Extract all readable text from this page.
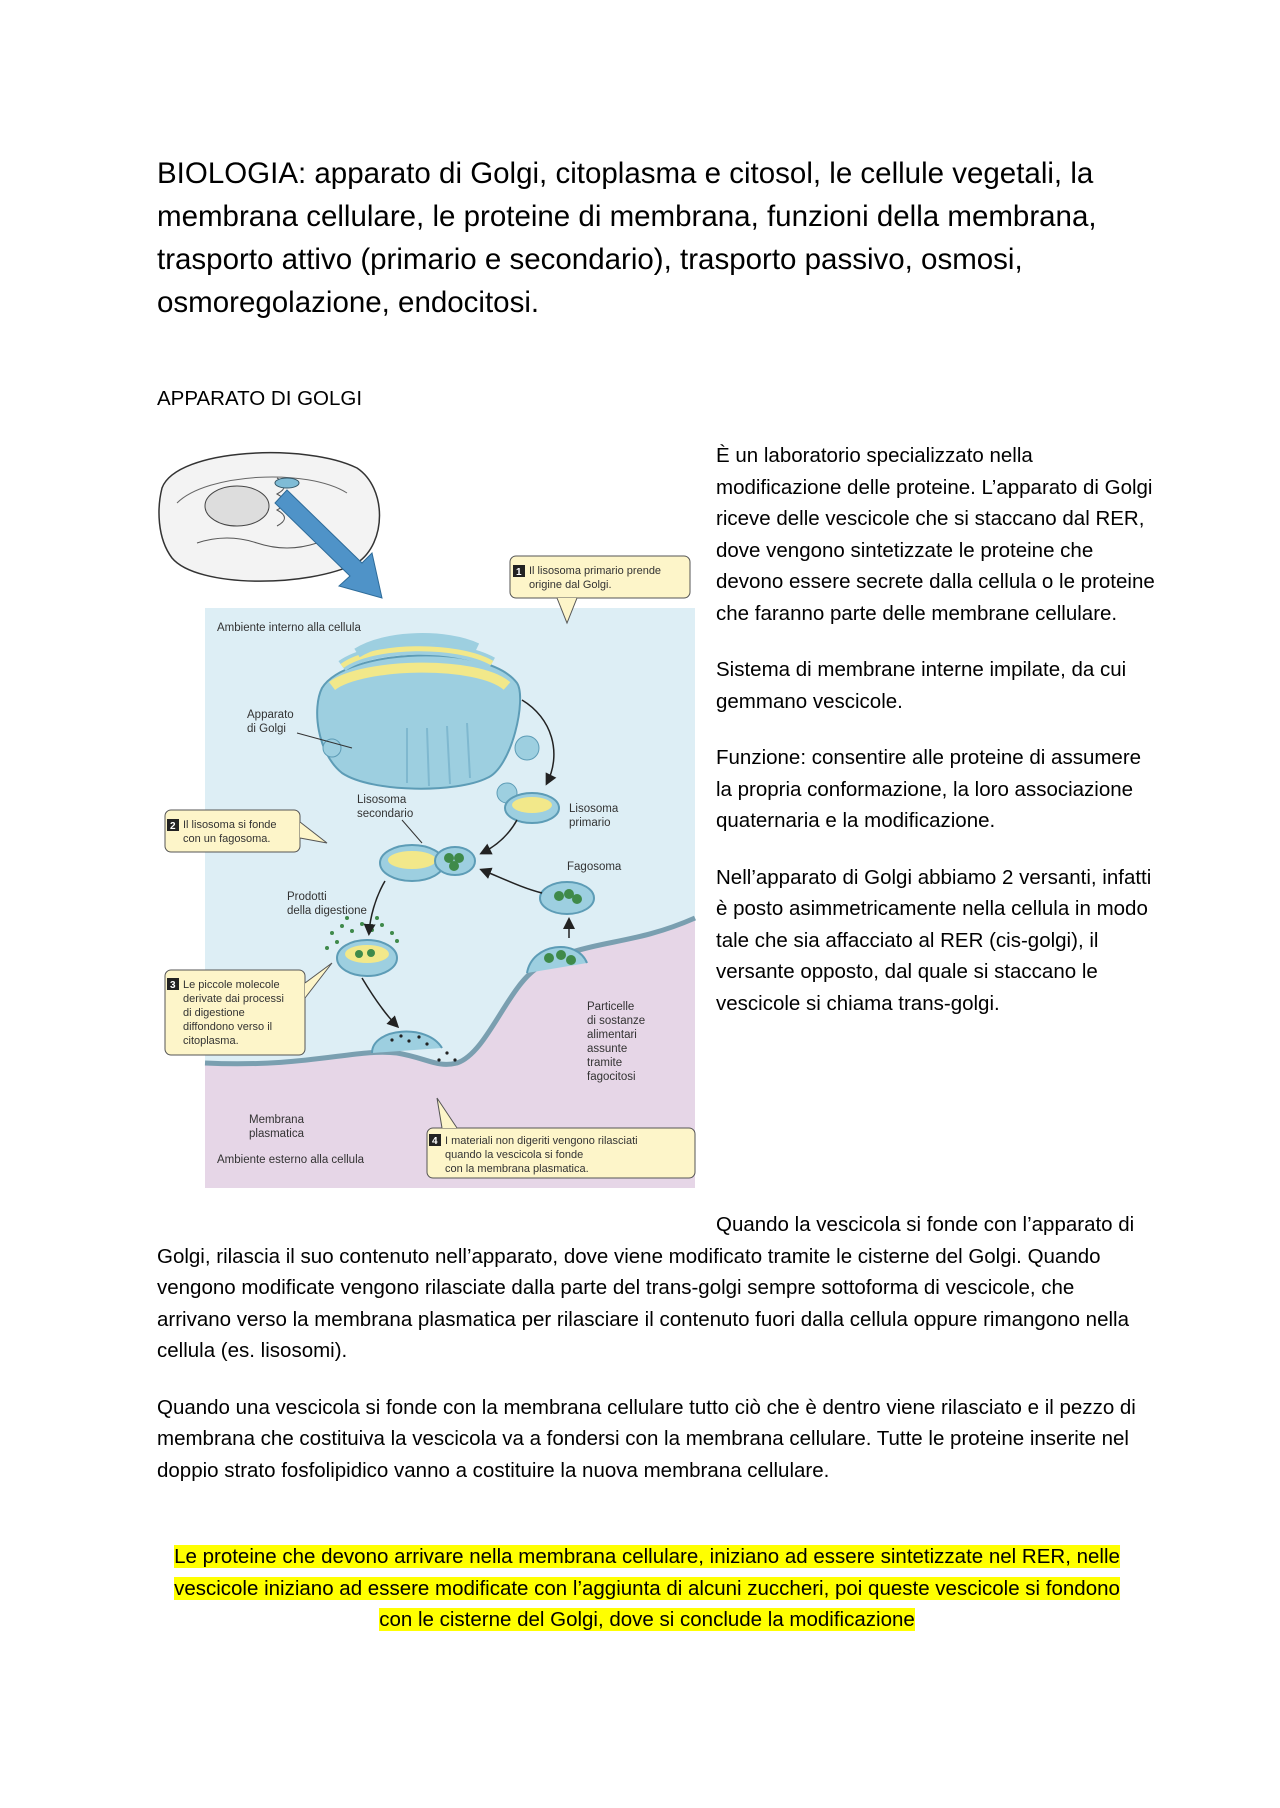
BIOLOGIA: apparato di Golgi, citoplasma e citosol, le cellule vegetali, la membrana cellulare, le proteine di membrana, funzioni della membrana, trasporto attivo (primario e secondario), trasporto passivo, osmosi, osmoregolazione, endocitosi.
APPARATO DI GOLGI
Ambiente interno alla cellula
Ambiente esterno alla cellula
Apparato
di Golgi
Lisosoma
primario
Lisosoma
secondario
Fagosoma
Prodotti
della digestione
Particelle
di sostanze
alimentari
assunte
tramite
fagocitosi
Membrana
plasmatica
1 Il lisosoma primario prende
origine dal Golgi.
2 Il lisosoma si fonde
con un fagosoma.
3 Le piccole molecole
derivate dai processi
di digestione
diffondono verso il
citoplasma.
4 I materiali non digeriti vengono rilasciati
quando la vescicola si fonde
con la membrana plasmatica.

È un laboratorio specializzato nella modificazione delle proteine. L’apparato di Golgi riceve delle vescicole che si staccano dal RER, dove vengono sintetizzate le proteine che devono essere secrete dalla cellula o le proteine che faranno parte delle membrane cellulare.

Sistema di membrane interne impilate, da cui gemmano vescicole.

Funzione: consentire alle proteine di assumere la propria conformazione, la loro associazione quaternaria e la modificazione.

Nell’apparato di Golgi abbiamo 2 versanti, infatti è posto asimmetricamente nella cellula in modo tale che sia affacciato al RER (cis-golgi), il versante opposto, dal quale si staccano le vescicole si chiama trans-golgi.

Quando la vescicola si fonde con l’apparato di Golgi, rilascia il suo contenuto nell’apparato, dove viene modificato tramite le cisterne del Golgi. Quando vengono modificate vengono rilasciate dalla parte del trans-golgi sempre sottoforma di vescicole, che arrivano verso la membrana plasmatica per rilasciare il contenuto fuori dalla cellula oppure rimangono nella cellula (es. lisosomi).

Quando una vescicola si fonde con la membrana cellulare tutto ciò che è dentro viene rilasciato e il pezzo di membrana che costituiva la vescicola va a fondersi con la membrana cellulare. Tutte le proteine inserite nel doppio strato fosfolipidico vanno a costituire la nuova membrana cellulare.

Le proteine che devono arrivare nella membrana cellulare, iniziano ad essere sintetizzate nel RER, nelle vescicole iniziano ad essere modificate con l’aggiunta di alcuni zuccheri, poi queste vescicole si fondono con le cisterne del Golgi, dove si conclude la modificazione
